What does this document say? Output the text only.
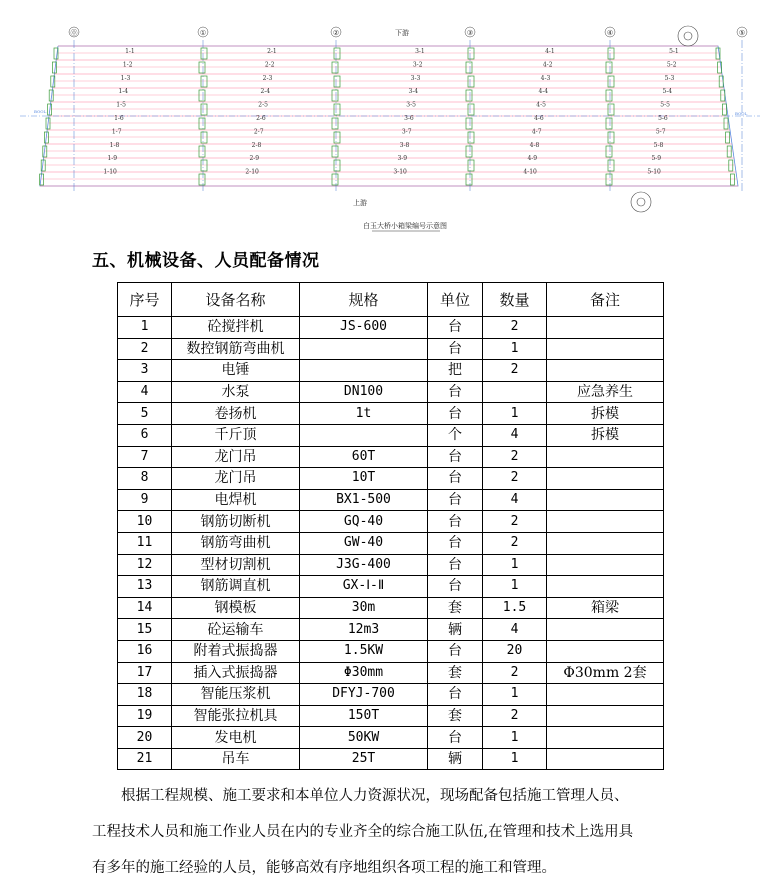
⓪	①	②	③	④	⑤
1-1
1-2
1-3
1-4
1-5
1-6
1-7
1-8
1-9
1-10
2-1
2-2
2-3
2-4
2-5
2-6
2-7
2-8
2-9
2-10
3-1
3-2
3-3
3-4
3-5
3-6
3-7
3-8
3-9
3-10
4-1
4-2
4-3
4-4
4-5
4-6
4-7
4-8
4-9
4-10
5-1
5-2
5-3
5-4
5-5
5-6
5-7
5-8
5-9
5-10
下游
上游
白玉大桥小箱梁编号示意图
BOOL	BOOL
五、机械设备、人员配备情况
序号	设备名称	规格	单位	数量	备注
1	砼搅拌机	JS-600	台	2	
2	数控钢筋弯曲机		台	1	
3	电锤		把	2	
4	水泵	DN100	台		应急养生
5	卷扬机	1t	台	1	拆模
6	千斤顶		个	4	拆模
7	龙门吊	60T	台	2	
8	龙门吊	10T	台	2	
9	电焊机	BX1-500	台	4	
10	钢筋切断机	GQ-40	台	2	
11	钢筋弯曲机	GW-40	台	2	
12	型材切割机	J3G-400	台	1	
13	钢筋调直机	GX-Ⅰ-Ⅱ	台	1	
14	钢模板	30m	套	1.5	箱梁
15	砼运输车	12m3	辆	4	
16	附着式振捣器	1.5KW	台	20	
17	插入式振捣器	Φ30mm	套	2	Φ30mm 2套
18	智能压浆机	DFYJ-700	台	1	
19	智能张拉机具	150T	套	2	
20	发电机	50KW	台	1	
21	吊车	25T	辆	1	
根据工程规模、施工要求和本单位人力资源状况，现场配备包括施工管理人员、
工程技术人员和施工作业人员在内的专业齐全的综合施工队伍,在管理和技术上选用具
有多年的施工经验的人员，能够高效有序地组织各项工程的施工和管理。
